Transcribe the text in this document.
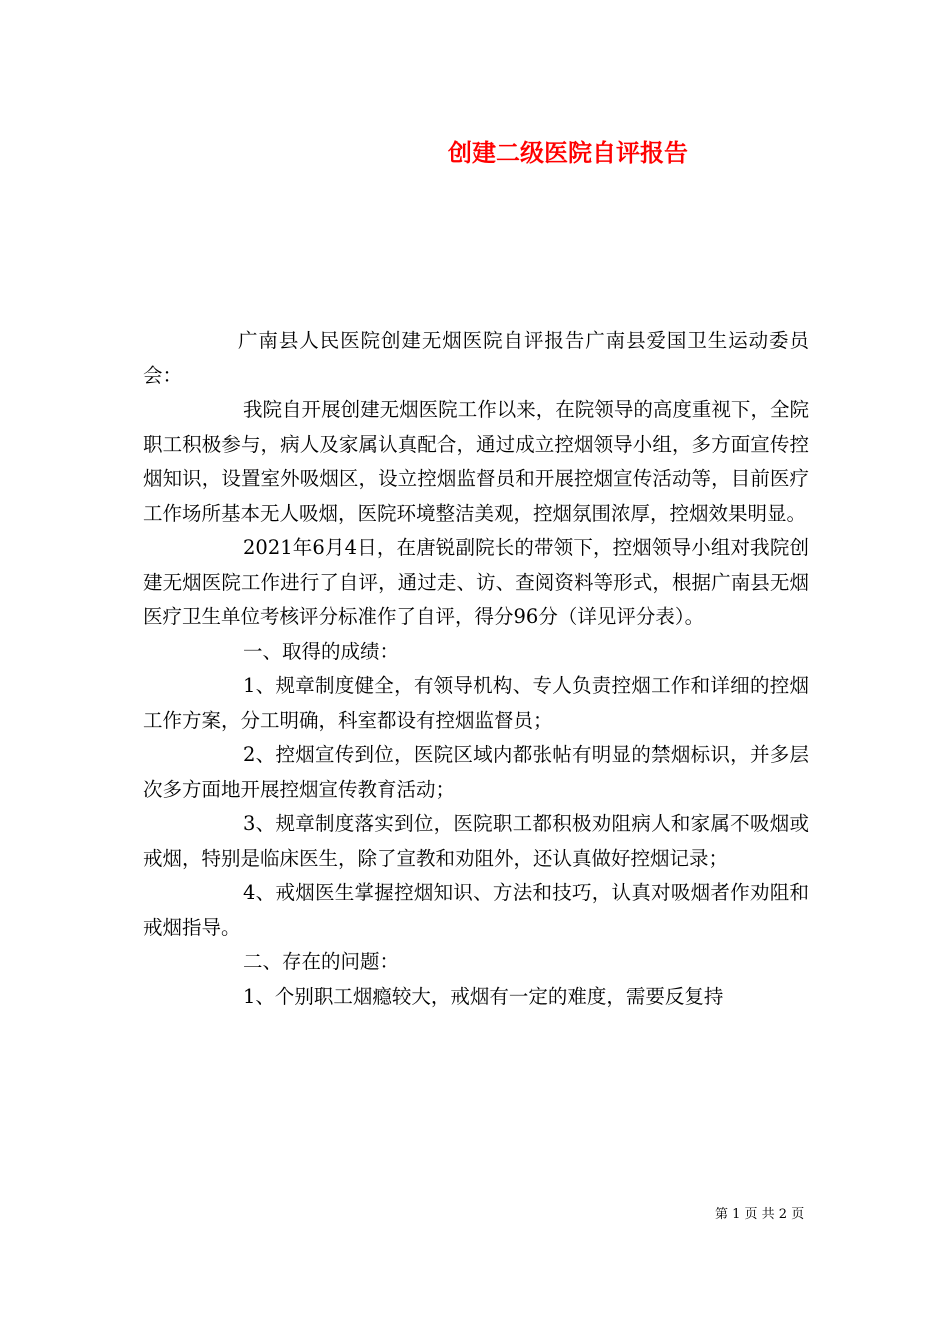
创建二级医院自评报告

广南县人民医院创建无烟医院自评报告广南县爱国卫生运动委员会：

我院自开展创建无烟医院工作以来，在院领导的高度重视下，全院职工积极参与，病人及家属认真配合，通过成立控烟领导小组，多方面宣传控烟知识，设置室外吸烟区，设立控烟监督员和开展控烟宣传活动等，目前医疗工作场所基本无人吸烟，医院环境整洁美观，控烟氛围浓厚，控烟效果明显。

2021年6月4日，在唐锐副院长的带领下，控烟领导小组对我院创建无烟医院工作进行了自评，通过走、访、查阅资料等形式，根据广南县无烟医疗卫生单位考核评分标准作了自评，得分96分（详见评分表）。

一、取得的成绩：

1、规章制度健全，有领导机构、专人负责控烟工作和详细的控烟工作方案，分工明确，科室都设有控烟监督员；

2、控烟宣传到位，医院区域内都张帖有明显的禁烟标识，并多层次多方面地开展控烟宣传教育活动；

3、规章制度落实到位，医院职工都积极劝阻病人和家属不吸烟或戒烟，特别是临床医生，除了宣教和劝阻外，还认真做好控烟记录；

4、戒烟医生掌握控烟知识、方法和技巧，认真对吸烟者作劝阻和戒烟指导。

二、存在的问题：

1、个别职工烟瘾较大，戒烟有一定的难度，需要反复持

第 1 页 共 2 页
